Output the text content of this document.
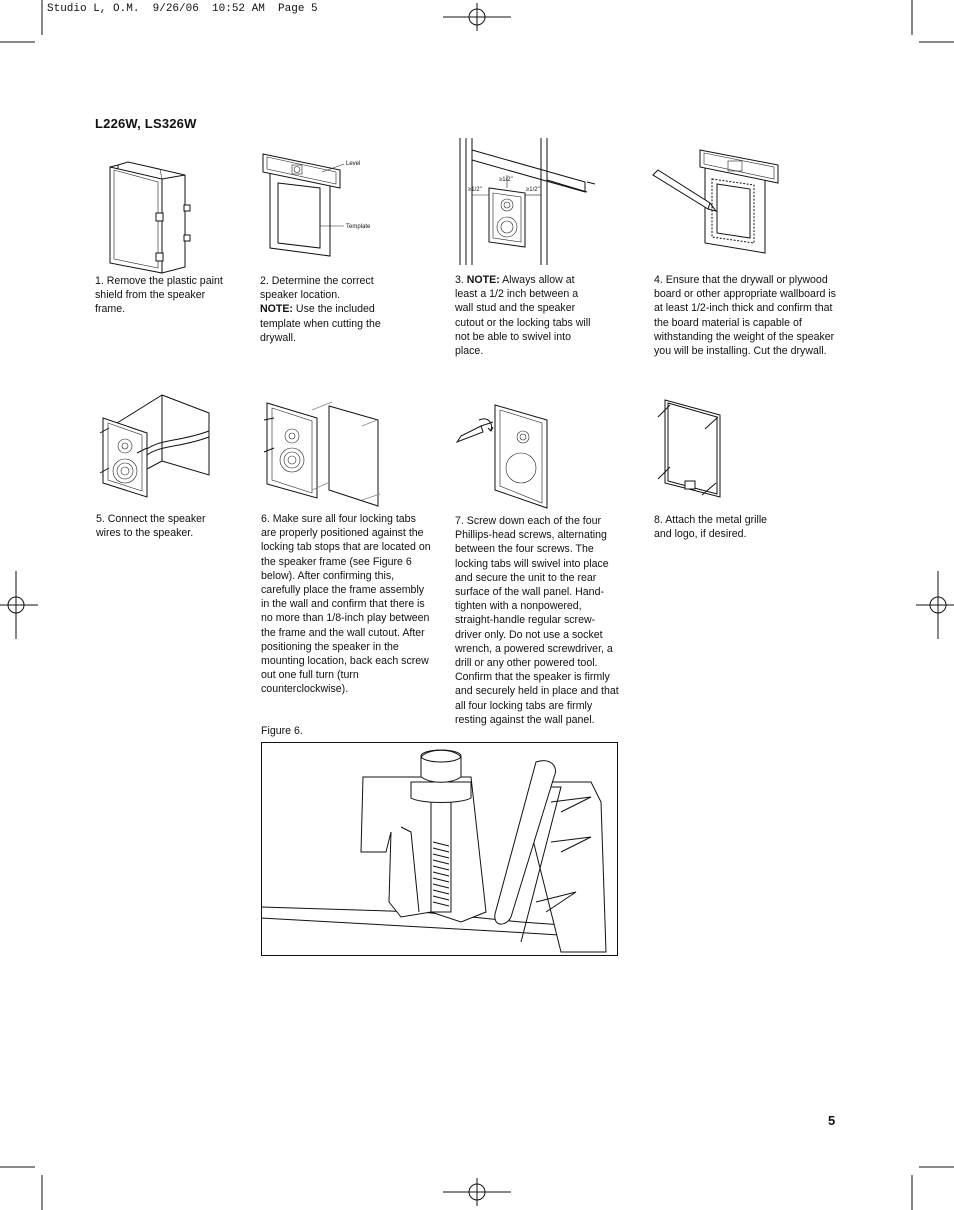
Studio L, O.M.  9/26/06  10:52 AM  Page 5
L226W, LS326W
Level
Template
≥1/2"
≥1/2"
≥1/2"
1. Remove the plastic paint shield from the speaker frame.
2. Determine the correct speaker location.
NOTE: Use the included template when cutting the drywall.
3. NOTE: Always allow at least a 1/2 inch between a wall stud and the speaker cutout or the locking tabs will not be able to swivel into place.
4. Ensure that the drywall or plywood board or other appropriate wallboard is at least 1/2-inch thick and confirm that the board material is capable of withstanding the weight of the speaker you will be installing. Cut the drywall.
5. Connect the speaker wires to the speaker.
6. Make sure all four locking tabs are properly positioned against the locking tab stops that are located on the speaker frame (see Figure 6 below). After confirming this, carefully place the frame assembly in the wall and confirm that there is no more than 1/8-inch play between the frame and the wall cutout. After positioning the speaker in the mounting location, back each screw out one full turn (turn counterclockwise).
7. Screw down each of the four Phillips-head screws, alternating between the four screws. The locking tabs will swivel into place and secure the unit to the rear surface of the wall panel. Hand-tighten with a nonpowered, straight-handle regular screw-driver only. Do not use a socket wrench, a powered screwdriver, a drill or any other powered tool. Confirm that the speaker is firmly and securely held in place and that all four locking tabs are firmly resting against the wall panel.
8. Attach the metal grille and logo, if desired.
Figure 6.
5
